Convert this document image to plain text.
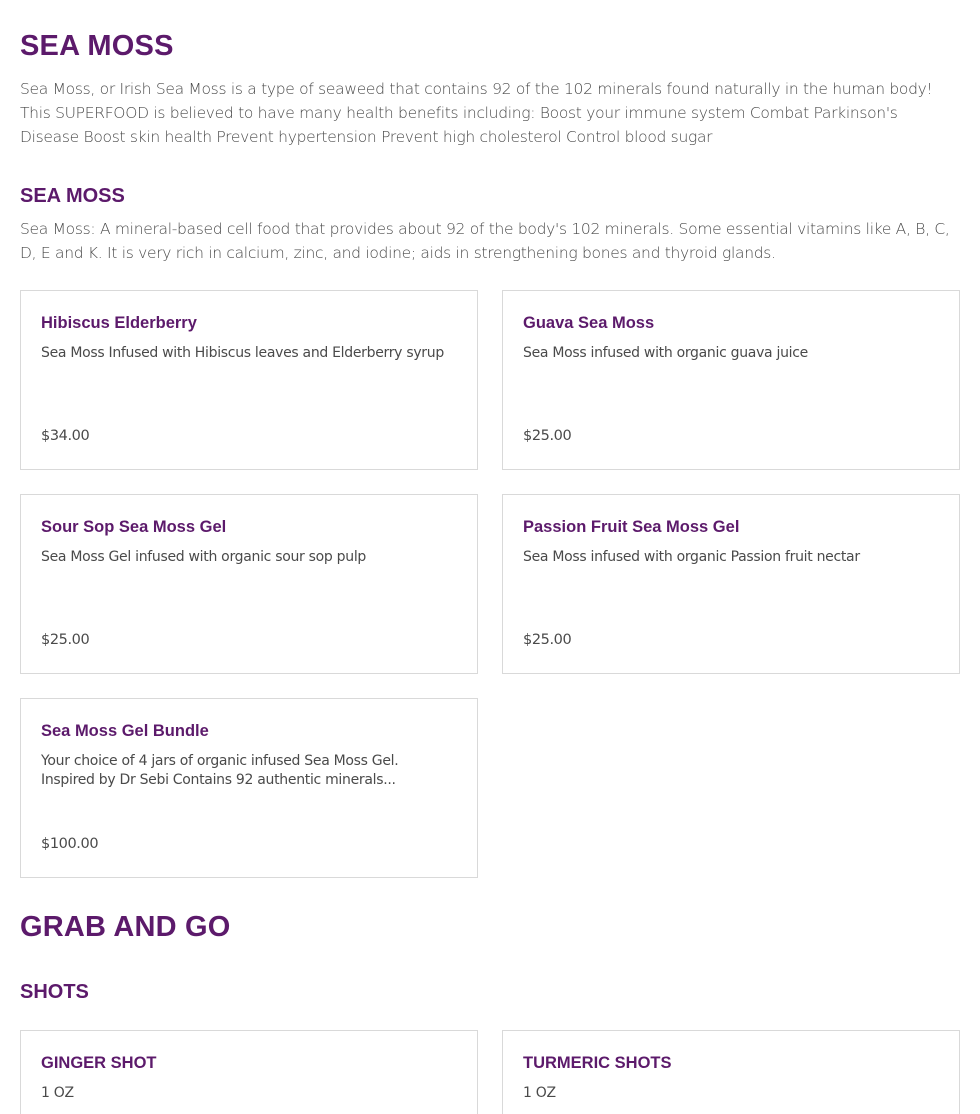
SEA MOSS
Sea Moss, or Irish Sea Moss is a type of seaweed that contains 92 of the 102 minerals found naturally in the human body! This SUPERFOOD is believed to have many health benefits including: Boost your immune system Combat Parkinson's Disease Boost skin health Prevent hypertension Prevent high cholesterol Control blood sugar
SEA MOSS
Sea Moss: A mineral-based cell food that provides about 92 of the body's 102 minerals. Some essential vitamins like A, B, C, D, E and K. It is very rich in calcium, zinc, and iodine; aids in strengthening bones and thyroid glands.
Hibiscus Elderberry
Sea Moss Infused with Hibiscus leaves and Elderberry syrup
$34.00
Guava Sea Moss
Sea Moss infused with organic guava juice
$25.00
Sour Sop Sea Moss Gel
Sea Moss Gel infused with organic sour sop pulp
$25.00
Passion Fruit Sea Moss Gel
Sea Moss infused with organic Passion fruit nectar
$25.00
Sea Moss Gel Bundle
Your choice of 4 jars of organic infused Sea Moss Gel. Inspired by Dr Sebi Contains 92 authentic minerals...
$100.00
GRAB AND GO
SHOTS
GINGER SHOT
1 OZ
TURMERIC SHOTS
1 OZ
